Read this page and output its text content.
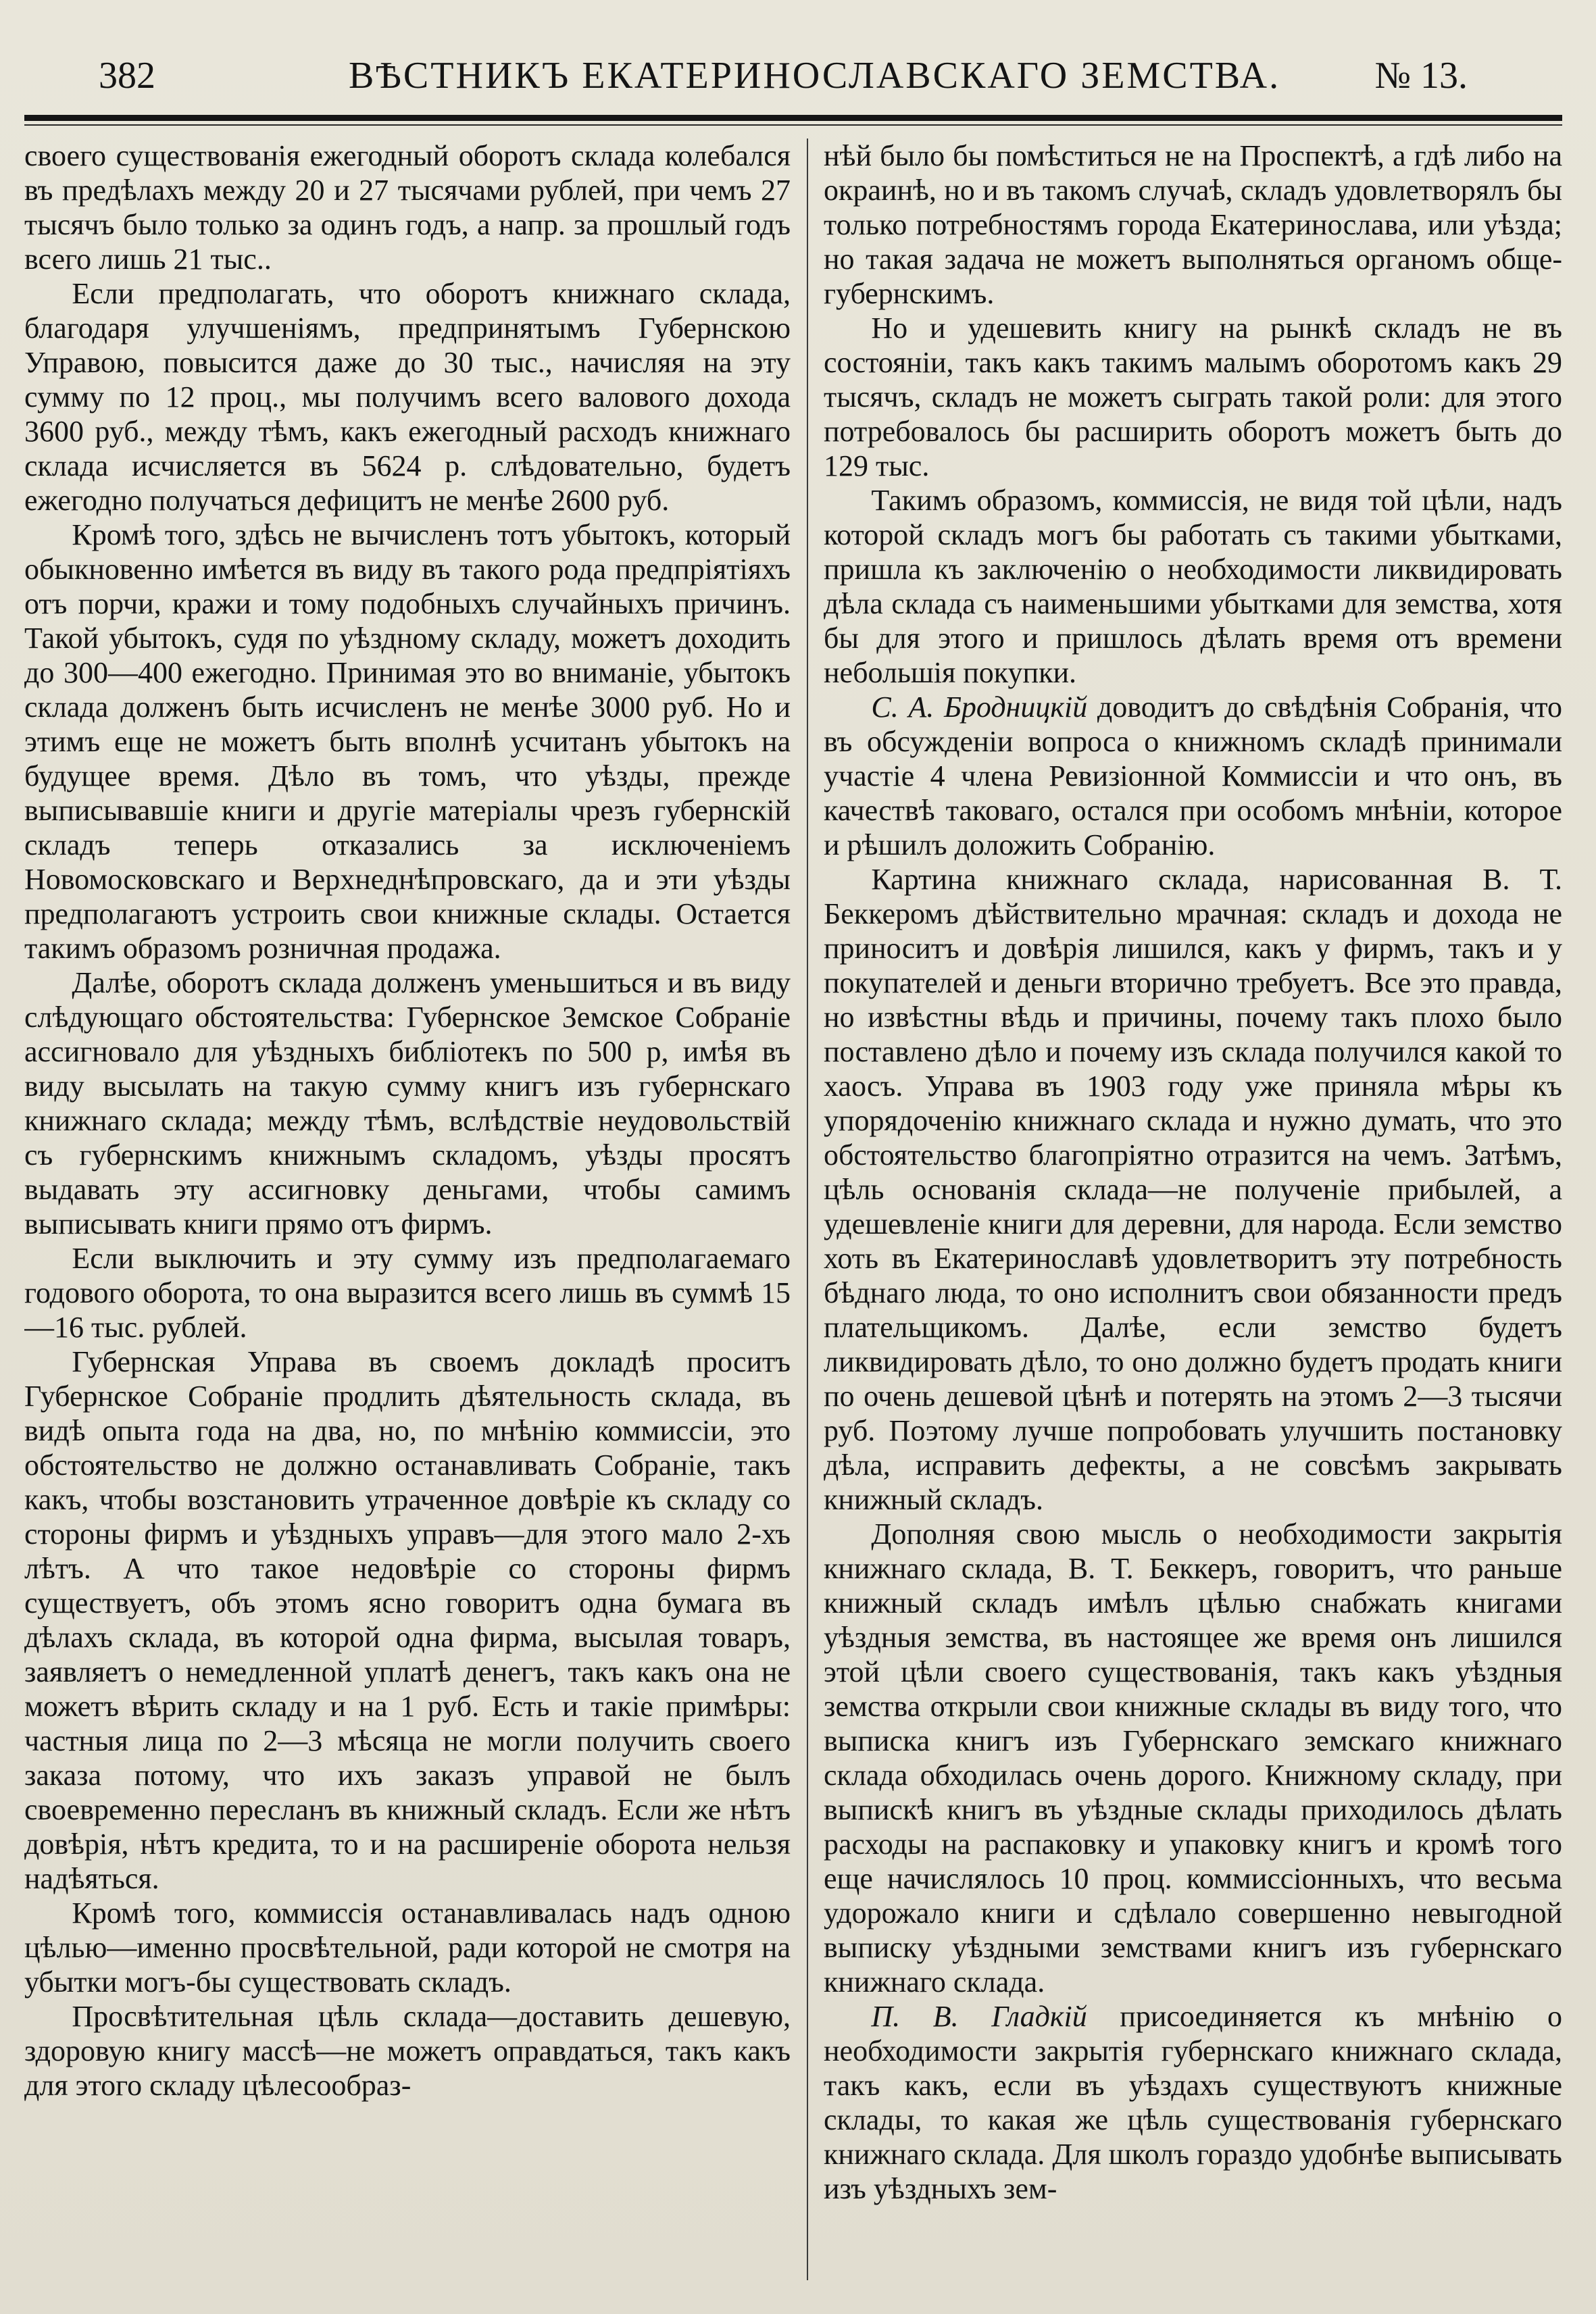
382	ВѢСТНИКЪ ЕКАТЕРИНОСЛАВСКАГО ЗЕМСТВА. № 13.

своего существованія ежегодный оборотъ склада колебался въ предѣлахъ между 20 и 27 тысячами рублей, при чемъ 27 тысячъ было только за одинъ годъ, а напр. за прошлый годъ всего лишь 21 тыс..

Если предполагать, что оборотъ книжнаго склада, благодаря улучшеніямъ, предпринятымъ Губернскою Управою, повысится даже до 30 тыс., начисляя на эту сумму по 12 проц., мы получимъ всего валового дохода 3600 руб., между тѣмъ, какъ ежегодный расходъ книжнаго склада исчисляется въ 5624 р. слѣдовательно, будетъ ежегодно получаться дефицитъ не менѣе 2600 руб.

Кромѣ того, здѣсь не вычисленъ тотъ убытокъ, который обыкновенно имѣется въ виду въ такого рода предпріятіяхъ отъ порчи, кражи и тому подобныхъ случайныхъ причинъ. Такой убытокъ, судя по уѣздному складу, можетъ доходить до 300—400 ежегодно. Принимая это во вниманіе, убытокъ склада долженъ быть исчисленъ не менѣе 3000 руб. Но и этимъ еще не можетъ быть вполнѣ усчитанъ убытокъ на будущее время. Дѣло въ томъ, что уѣзды, прежде выписывавшіе книги и другіе матеріалы чрезъ губернскій складъ теперь отказались за исключеніемъ Новомосковскаго и Верхнеднѣпровскаго, да и эти уѣзды предполагаютъ устроить свои книжные склады. Остается такимъ образомъ розничная продажа.

Далѣе, оборотъ склада долженъ уменьшиться и въ виду слѣдующаго обстоятельства: Губернское Земское Собраніе ассигновало для уѣздныхъ библіотекъ по 500 р, имѣя въ виду высылать на такую сумму книгъ изъ губернскаго книжнаго склада; между тѣмъ, вслѣдствіе неудовольствій съ губернскимъ книжнымъ складомъ, уѣзды просятъ выдавать эту ассигновку деньгами, чтобы самимъ выписывать книги прямо отъ фирмъ.

Если выключить и эту сумму изъ предполагаемаго годового оборота, то она выразится всего лишь въ суммѣ 15—16 тыс. рублей.

Губернская Управа въ своемъ докладѣ проситъ Губернское Собраніе продлить дѣятельность склада, въ видѣ опыта года на два, но, по мнѣнію коммиссіи, это обстоятельство не должно останавливать Собраніе, такъ какъ, чтобы возстановить утраченное довѣріе къ складу со стороны фирмъ и уѣздныхъ управъ—для этого мало 2-хъ лѣтъ. А что такое недовѣріе со стороны фирмъ существуетъ, объ этомъ ясно говоритъ одна бумага въ дѣлахъ склада, въ которой одна фирма, высылая товаръ, заявляетъ о немедленной уплатѣ денегъ, такъ какъ она не можетъ вѣрить складу и на 1 руб. Есть и такіе примѣры: частныя лица по 2—3 мѣсяца не могли получить своего заказа потому, что ихъ заказъ управой не былъ своевременно пересланъ въ книжный складъ. Если же нѣтъ довѣрія, нѣтъ кредита, то и на расширеніе оборота нельзя надѣяться.

Кромѣ того, коммиссія останавливалась надъ одною цѣлью—именно просвѣтельной, ради которой не смотря на убытки могъ-бы существовать складъ.

Просвѣтительная цѣль склада—доставить дешевую, здоровую книгу массѣ—не можетъ оправдаться, такъ какъ для этого складу цѣлесообраз-

нѣй было бы помѣститься не на Проспектѣ, а гдѣ либо на окраинѣ, но и въ такомъ случаѣ, складъ удовлетворялъ бы только потребностямъ города Екатеринослава, или уѣзда; но такая задача не можетъ выполняться органомъ обще-губернскимъ.

Но и удешевить книгу на рынкѣ складъ не въ состояніи, такъ какъ такимъ малымъ оборотомъ какъ 29 тысячъ, складъ не можетъ сыграть такой роли: для этого потребовалось бы расширить оборотъ можетъ быть до 129 тыс.

Такимъ образомъ, коммиссія, не видя той цѣли, надъ которой складъ могъ бы работать съ такими убытками, пришла къ заключенію о необходимости ликвидировать дѣла склада съ наименьшими убытками для земства, хотя бы для этого и пришлось дѣлать время отъ времени небольшія покупки.

С. А. Бродницкій доводитъ до свѣдѣнія Собранія, что въ обсужденіи вопроса о книжномъ складѣ принимали участіе 4 члена Ревизіонной Коммиссіи и что онъ, въ качествѣ таковаго, остался при особомъ мнѣніи, которое и рѣшилъ доложить Собранію.

Картина книжнаго склада, нарисованная В. Т. Беккеромъ дѣйствительно мрачная: складъ и дохода не приноситъ и довѣрія лишился, какъ у фирмъ, такъ и у покупателей и деньги вторично требуетъ. Все это правда, но извѣстны вѣдь и причины, почему такъ плохо было поставлено дѣло и почему изъ склада получился какой то хаосъ. Управа въ 1903 году уже приняла мѣры къ упорядоченію книжнаго склада и нужно думать, что это обстоятельство благопріятно отразится на чемъ. Затѣмъ, цѣль основанія склада—не полученіе прибылей, а удешевленіе книги для деревни, для народа. Если земство хоть въ Екатеринославѣ удовлетворитъ эту потребность бѣднаго люда, то оно исполнитъ свои обязанности предъ плательщикомъ. Далѣе, если земство будетъ ликвидировать дѣло, то оно должно будетъ продать книги по очень дешевой цѣнѣ и потерять на этомъ 2—3 тысячи руб. Поэтому лучше попробовать улучшить постановку дѣла, исправить дефекты, а не совсѣмъ закрывать книжный складъ.

Дополняя свою мысль о необходимости закрытія книжнаго склада, В. Т. Беккеръ, говоритъ, что раньше книжный складъ имѣлъ цѣлью снабжать книгами уѣздныя земства, въ настоящее же время онъ лишился этой цѣли своего существованія, такъ какъ уѣздныя земства открыли свои книжные склады въ виду того, что выписка книгъ изъ Губернскаго земскаго книжнаго склада обходилась очень дорого. Книжному складу, при выпискѣ книгъ въ уѣздные склады приходилось дѣлать расходы на распаковку и упаковку книгъ и кромѣ того еще начислялось 10 проц. коммиссіонныхъ, что весьма удорожало книги и сдѣлало совершенно невыгодной выписку уѣздными земствами книгъ изъ губернскаго книжнаго склада.

П. В. Гладкій присоединяется къ мнѣнію о необходимости закрытія губернскаго книжнаго склада, такъ какъ, если въ уѣздахъ существуютъ книжные склады, то какая же цѣль существованія губернскаго книжнаго склада. Для школъ гораздо удобнѣе выписывать изъ уѣздныхъ зем-
